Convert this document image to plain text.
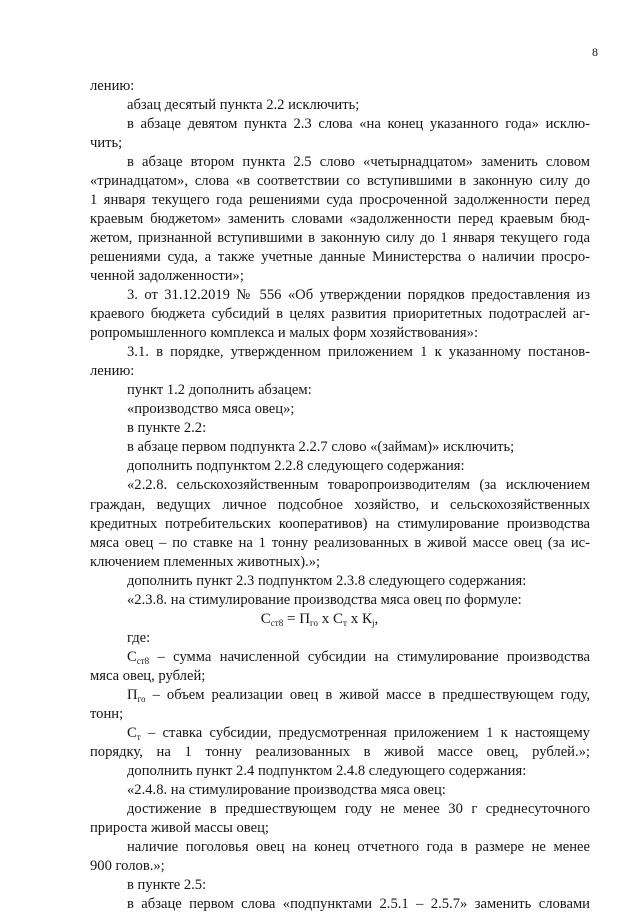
8
лению:
абзац десятый пункта 2.2 исключить;
в абзаце девятом пункта 2.3 слова «на конец указанного года» исклю-
чить;
в абзаце втором пункта 2.5 слово «четырнадцатом» заменить словом
«тринадцатом», слова «в соответствии со вступившими в законную силу до
1 января текущего года решениями суда просроченной задолженности перед
краевым бюджетом» заменить словами «задолженности перед краевым бюд-
жетом, признанной вступившими в законную силу до 1 января текущего года
решениями суда, а также учетные данные Министерства о наличии просро-
ченной задолженности»;
3. от 31.12.2019 № 556 «Об утверждении порядков предоставления из
краевого бюджета субсидий в целях развития приоритетных подотраслей аг-
ропромышленного комплекса и малых форм хозяйствования»:
3.1. в порядке, утвержденном приложением 1 к указанному постанов-
лению:
пункт 1.2 дополнить абзацем:
«производство мяса овец»;
в пункте 2.2:
в абзаце первом подпункта 2.2.7 слово «(займам)» исключить;
дополнить подпунктом 2.2.8 следующего содержания:
«2.2.8. сельскохозяйственным товаропроизводителям (за исключением
граждан, ведущих личное подсобное хозяйство, и сельскохозяйственных
кредитных потребительских кооперативов) на стимулирование производства
мяса овец – по ставке на 1 тонну реализованных в живой массе овец (за ис-
ключением племенных животных).»;
дополнить пункт 2.3 подпунктом 2.3.8 следующего содержания:
«2.3.8. на стимулирование производства мяса овец по формуле:
$С_{ст8} = П_{го}$ х $С_т$ х $К_j$,
где:
$С_{ст8}$ – сумма начисленной субсидии на стимулирование производства
мяса овец, рублей;
$П_{го}$ – объем реализации овец в живой массе в предшествующем году,
тонн;
$С_т$ – ставка субсидии, предусмотренная приложением 1 к настоящему
порядку, на 1 тонну реализованных в живой массе овец, рублей.»;
дополнить пункт 2.4 подпунктом 2.4.8 следующего содержания:
«2.4.8. на стимулирование производства мяса овец:
достижение в предшествующем году не менее 30 г среднесуточного
прироста живой массы овец;
наличие поголовья овец на конец отчетного года в размере не менее
900 голов.»;
в пункте 2.5:
в абзаце первом слова «подпунктами 2.5.1 – 2.5.7» заменить словами
